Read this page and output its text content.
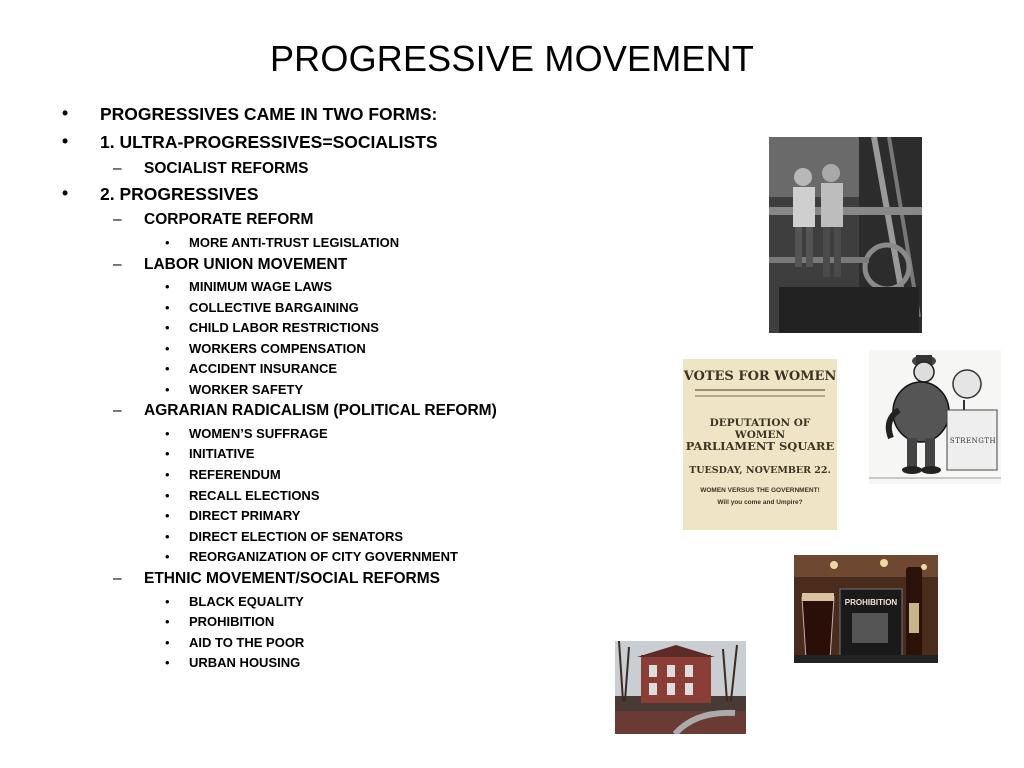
PROGRESSIVE MOVEMENT
• PROGRESSIVES CAME IN TWO FORMS:
• 1. ULTRA-PROGRESSIVES=SOCIALISTS
– SOCIALIST REFORMS
• 2. PROGRESSIVES
– CORPORATE REFORM
• MORE ANTI-TRUST LEGISLATION
– LABOR UNION MOVEMENT
• MINIMUM WAGE LAWS
• COLLECTIVE BARGAINING
• CHILD LABOR RESTRICTIONS
• WORKERS COMPENSATION
• ACCIDENT INSURANCE
• WORKER SAFETY
– AGRARIAN RADICALISM (POLITICAL REFORM)
• WOMEN’S SUFFRAGE
• INITIATIVE
• REFERENDUM
• RECALL ELECTIONS
• DIRECT PRIMARY
• DIRECT ELECTION OF SENATORS
• REORGANIZATION OF CITY GOVERNMENT
– ETHNIC MOVEMENT/SOCIAL REFORMS
• BLACK EQUALITY
• PROHIBITION
• AID TO THE POOR
• URBAN HOUSING
VOTES FOR WOMEN
DEPUTATION OF WOMEN
PARLIAMENT SQUARE
TUESDAY, NOVEMBER 22.
WOMEN VERSUS THE GOVERNMENT!
Will you come and Umpire?
STRENGTH
PROHIBITION
